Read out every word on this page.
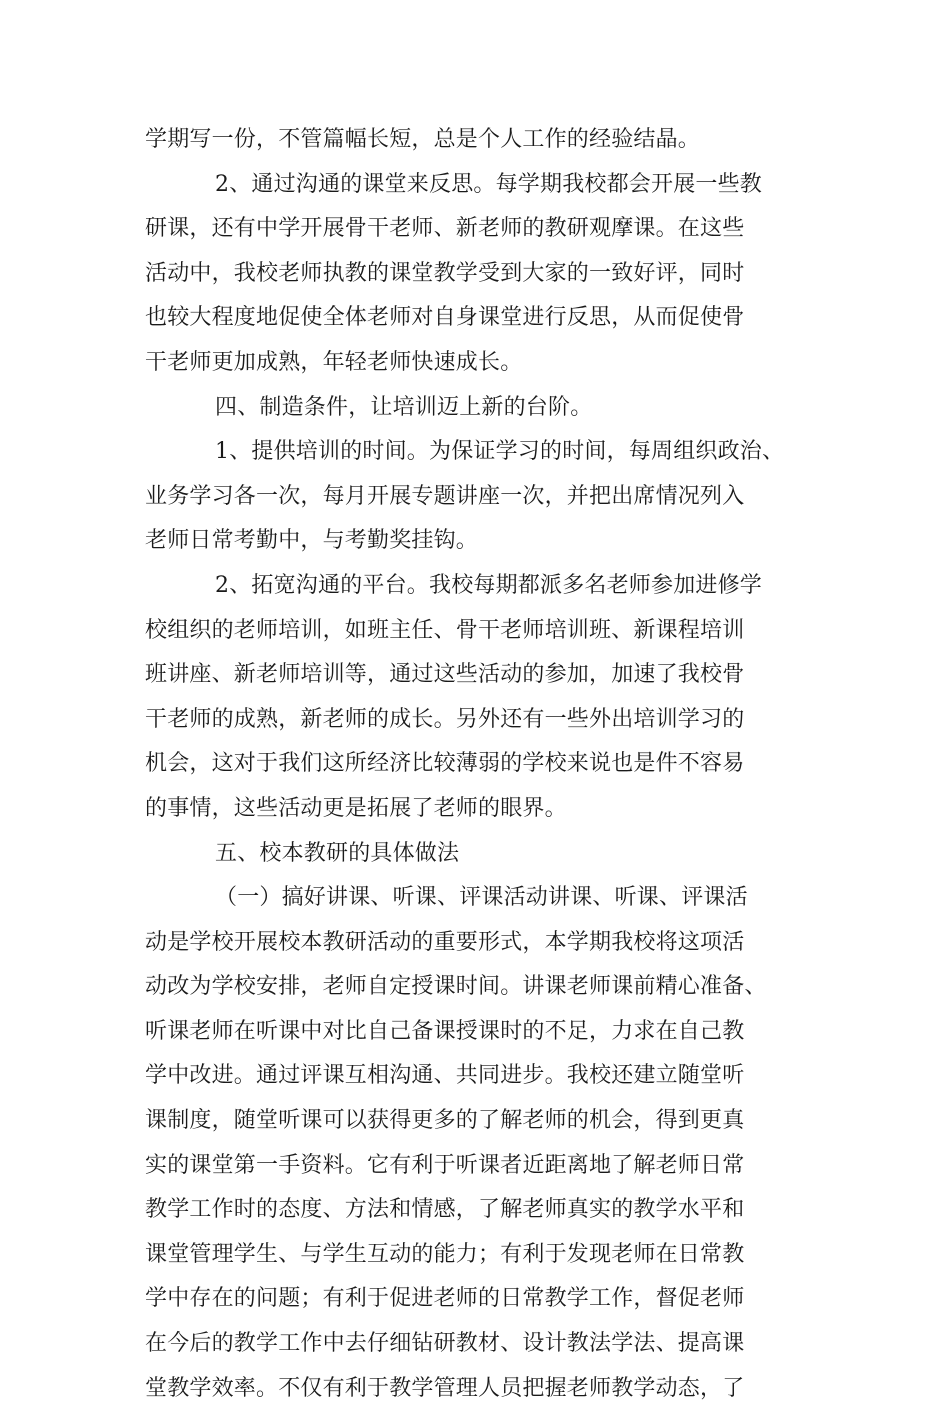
学期写一份，不管篇幅长短，总是个人工作的经验结晶。
2、通过沟通的课堂来反思。每学期我校都会开展一些教
研课，还有中学开展骨干老师、新老师的教研观摩课。在这些
活动中，我校老师执教的课堂教学受到大家的一致好评，同时
也较大程度地促使全体老师对自身课堂进行反思，从而促使骨
干老师更加成熟，年轻老师快速成长。
四、制造条件，让培训迈上新的台阶。
1、提供培训的时间。为保证学习的时间，每周组织政治、
业务学习各一次，每月开展专题讲座一次，并把出席情况列入
老师日常考勤中，与考勤奖挂钩。
2、拓宽沟通的平台。我校每期都派多名老师参加进修学
校组织的老师培训，如班主任、骨干老师培训班、新课程培训
班讲座、新老师培训等，通过这些活动的参加，加速了我校骨
干老师的成熟，新老师的成长。另外还有一些外出培训学习的
机会，这对于我们这所经济比较薄弱的学校来说也是件不容易
的事情，这些活动更是拓展了老师的眼界。
五、校本教研的具体做法
（一）搞好讲课、听课、评课活动讲课、听课、评课活
动是学校开展校本教研活动的重要形式，本学期我校将这项活
动改为学校安排，老师自定授课时间。讲课老师课前精心准备、
听课老师在听课中对比自己备课授课时的不足，力求在自己教
学中改进。通过评课互相沟通、共同进步。我校还建立随堂听
课制度，随堂听课可以获得更多的了解老师的机会，得到更真
实的课堂第一手资料。它有利于听课者近距离地了解老师日常
教学工作时的态度、方法和情感，了解老师真实的教学水平和
课堂管理学生、与学生互动的能力；有利于发现老师在日常教
学中存在的问题；有利于促进老师的日常教学工作，督促老师
在今后的教学工作中去仔细钻研教材、设计教法学法、提高课
堂教学效率。不仅有利于教学管理人员把握老师教学动态，了
